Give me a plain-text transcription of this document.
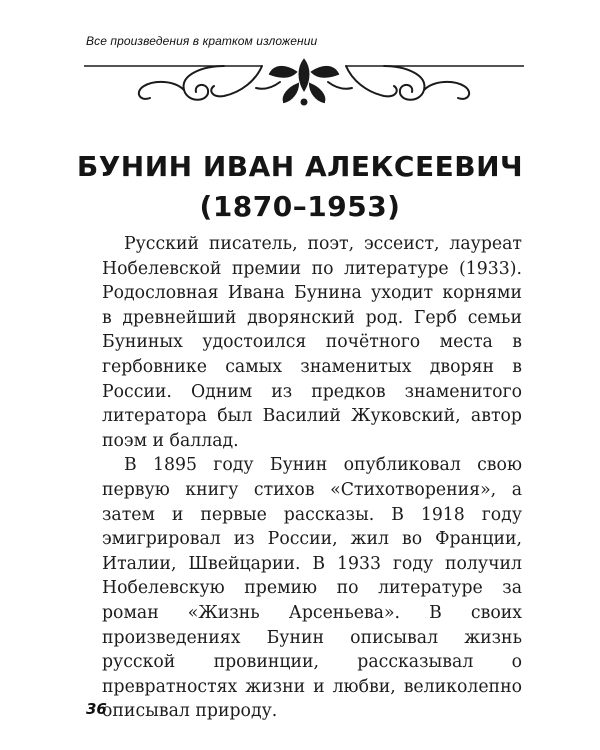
Все произведения в кратком изложении
БУНИН ИВАН АЛЕКСЕЕВИЧ
(1870–1953)

Русский писатель, поэт, эссеист, лауреат Нобелевской премии по литературе (1933). Родословная Ивана Бунина уходит корнями в древнейший дворянский род. Герб семьи Буниных удостоился почётного места в гербовнике самых знаменитых дворян в России. Одним из предков знаменитого литератора был Василий Жуковский, автор поэм и баллад.

В 1895 году Бунин опубликовал свою первую книгу стихов «Стихотворения», а затем и первые рассказы. В 1918 году эмигрировал из России, жил во Франции, Италии, Швейцарии. В 1933 году получил Нобелевскую премию по литературе за роман «Жизнь Арсеньева». В своих произведениях Бунин описывал жизнь русской провинции, рассказывал о превратностях жизни и любви, великолепно описывал природу.

36
